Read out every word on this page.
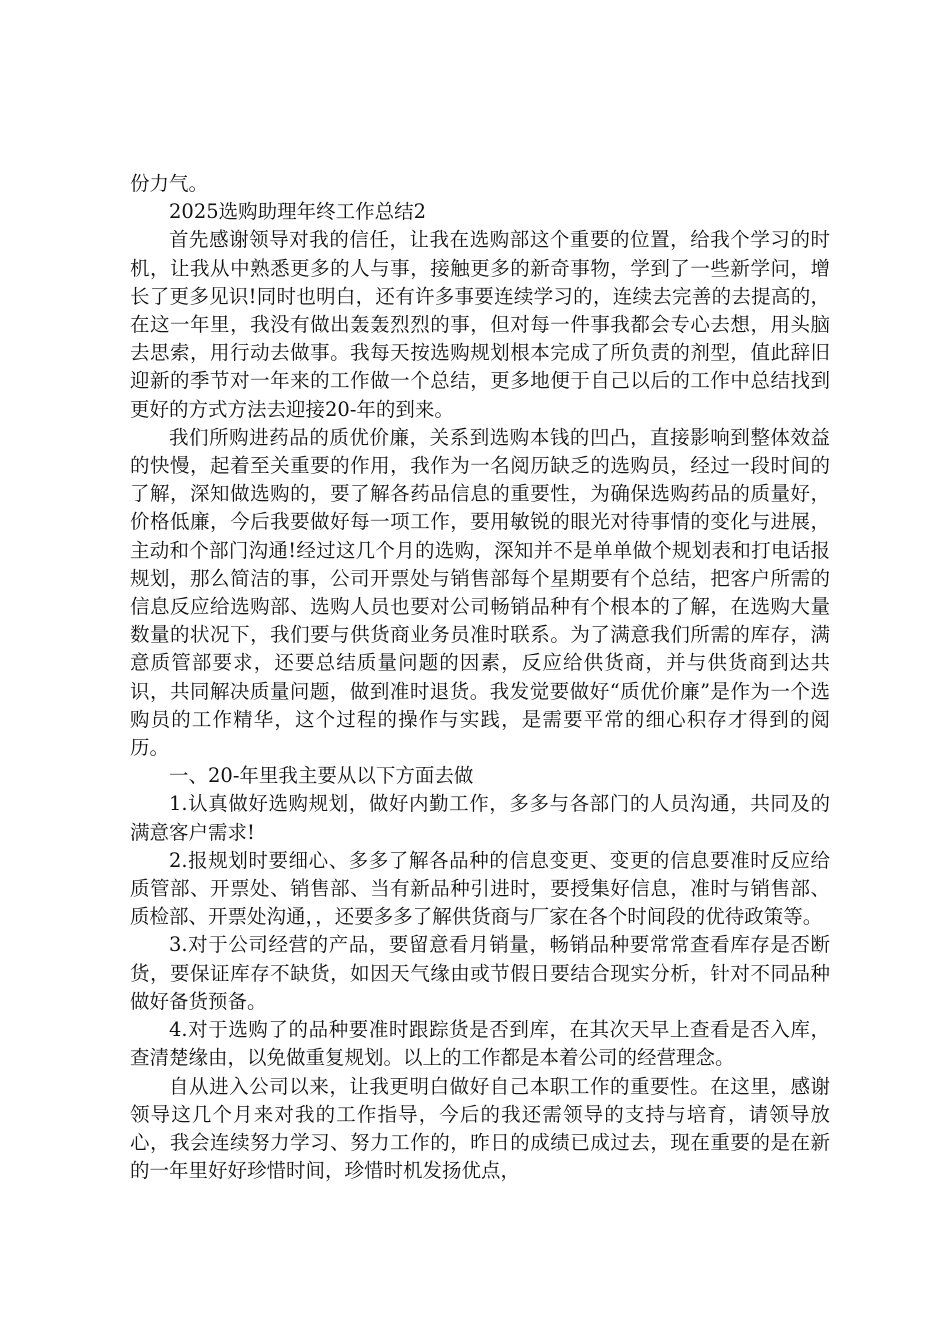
份力气。

2025选购助理年终工作总结2

首先感谢领导对我的信任，让我在选购部这个重要的位置，给我个学习的时机，让我从中熟悉更多的人与事，接触更多的新奇事物，学到了一些新学问，增长了更多见识!同时也明白，还有许多事要连续学习的，连续去完善的去提高的，在这一年里，我没有做出轰轰烈烈的事，但对每一件事我都会专心去想，用头脑去思索，用行动去做事。我每天按选购规划根本完成了所负责的剂型，值此辞旧迎新的季节对一年来的工作做一个总结，更多地便于自己以后的工作中总结找到更好的方式方法去迎接20-年的到来。

我们所购进药品的质优价廉，关系到选购本钱的凹凸，直接影响到整体效益的快慢，起着至关重要的作用，我作为一名阅历缺乏的选购员，经过一段时间的了解，深知做选购的，要了解各药品信息的重要性，为确保选购药品的质量好，价格低廉，今后我要做好每一项工作，要用敏锐的眼光对待事情的变化与进展，主动和个部门沟通!经过这几个月的选购，深知并不是单单做个规划表和打电话报规划，那么简洁的事，公司开票处与销售部每个星期要有个总结，把客户所需的信息反应给选购部、选购人员也要对公司畅销品种有个根本的了解，在选购大量数量的状况下，我们要与供货商业务员准时联系。为了满意我们所需的库存，满意质管部要求，还要总结质量问题的因素，反应给供货商，并与供货商到达共识，共同解决质量问题，做到准时退货。我发觉要做好“质优价廉”是作为一个选购员的工作精华，这个过程的操作与实践，是需要平常的细心积存才得到的阅历。

一、20-年里我主要从以下方面去做

1.认真做好选购规划，做好内勤工作，多多与各部门的人员沟通，共同及的满意客户需求!

2.报规划时要细心、多多了解各品种的信息变更、变更的信息要准时反应给质管部、开票处、销售部、当有新品种引进时，要授集好信息，准时与销售部、质检部、开票处沟通，，还要多多了解供货商与厂家在各个时间段的优待政策等。

3.对于公司经营的产品，要留意看月销量，畅销品种要常常查看库存是否断货，要保证库存不缺货，如因天气缘由或节假日要结合现实分析，针对不同品种做好备货预备。

4.对于选购了的品种要准时跟踪货是否到库，在其次天早上查看是否入库，查清楚缘由，以免做重复规划。以上的工作都是本着公司的经营理念。

自从进入公司以来，让我更明白做好自己本职工作的重要性。在这里，感谢领导这几个月来对我的工作指导，今后的我还需领导的支持与培育，请领导放心，我会连续努力学习、努力工作的，昨日的成绩已成过去，现在重要的是在新的一年里好好珍惜时间，珍惜时机发扬优点，
